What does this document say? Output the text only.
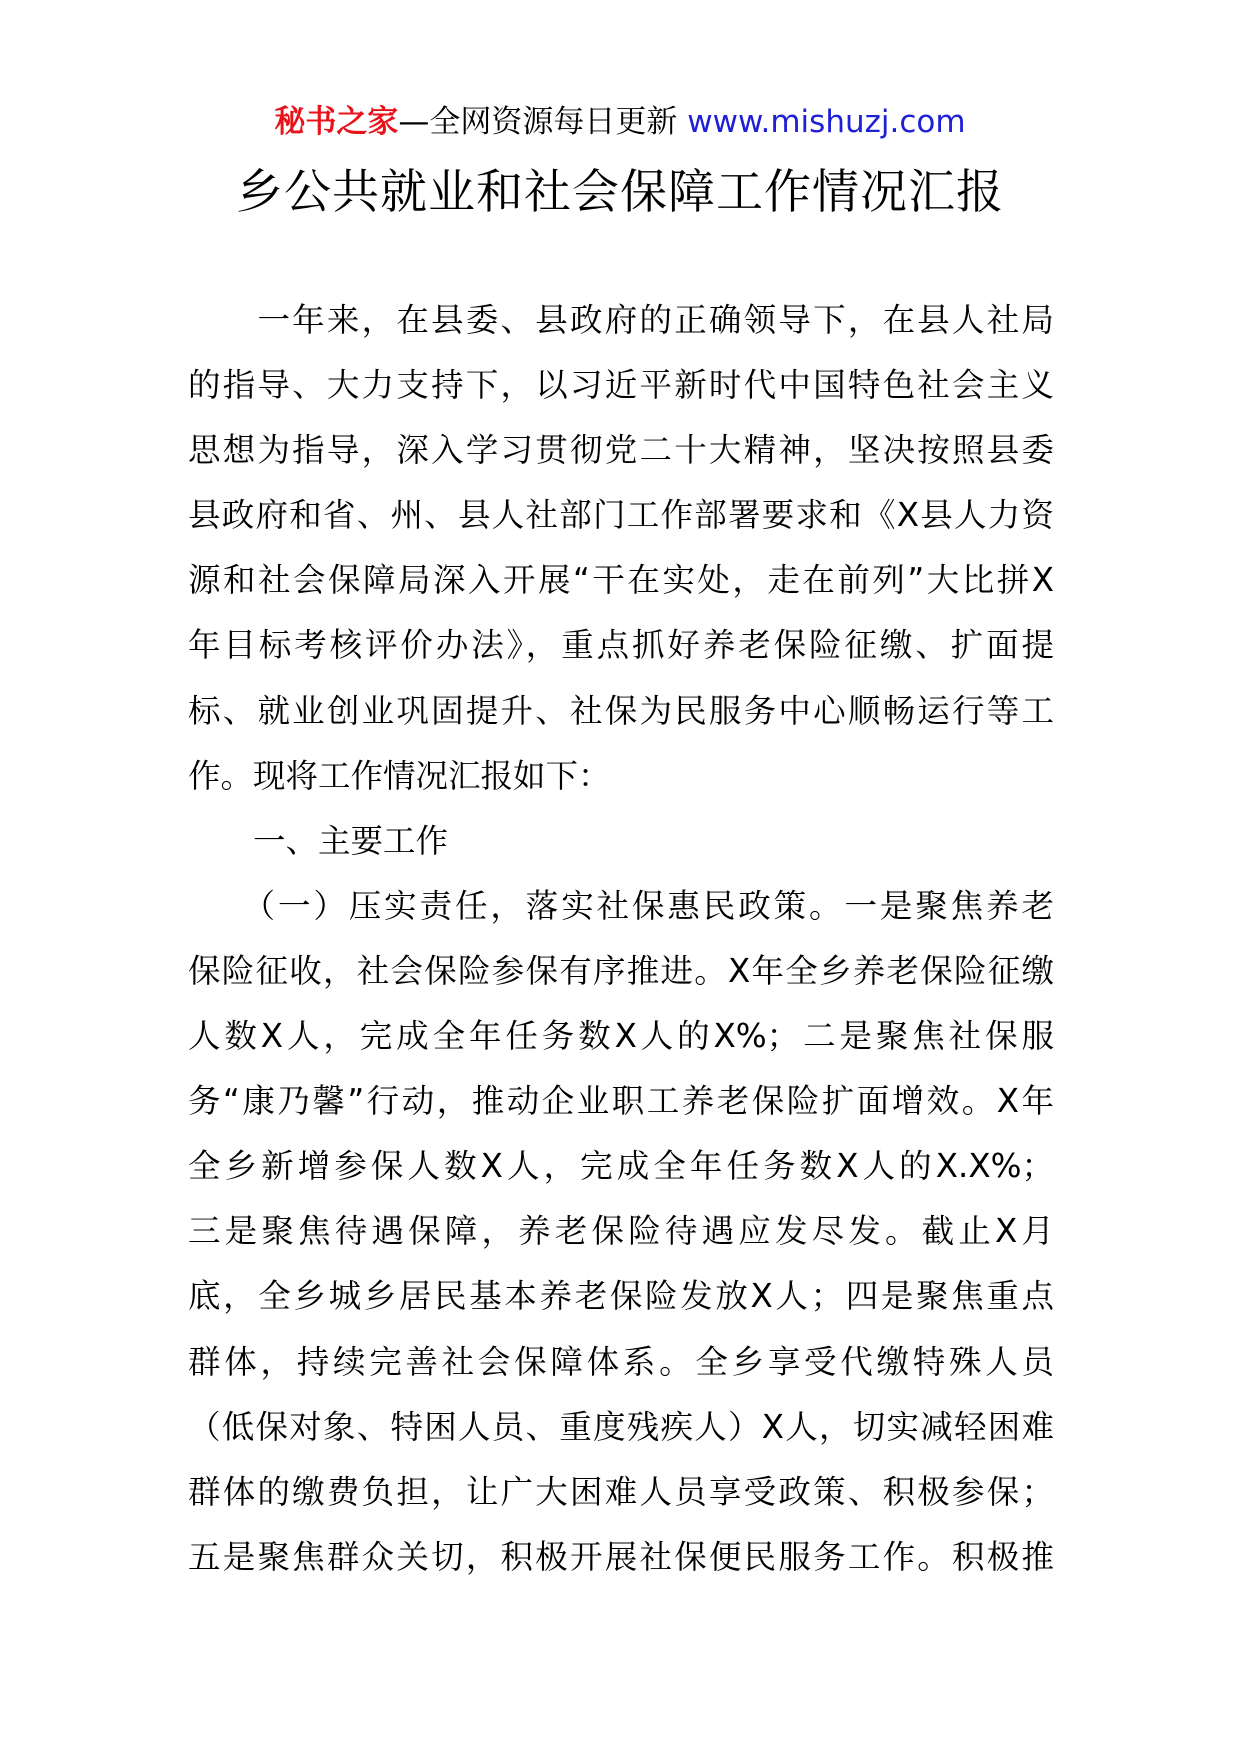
秘书之家—全网资源每日更新 www.mishuzj.com
乡公共就业和社会保障工作情况汇报
　　一年来，在县委、县政府的正确领导下，在县人社局
的指导、大力支持下，以习近平新时代中国特色社会主义
思想为指导，深入学习贯彻党二十大精神，坚决按照县委
县政府和省、州、县人社部门工作部署要求和《X县人力资
源和社会保障局深入开展“干在实处，走在前列”大比拼X
年目标考核评价办法》，重点抓好养老保险征缴、扩面提
标、就业创业巩固提升、社保为民服务中心顺畅运行等工
作。现将工作情况汇报如下：
　　一、主要工作
　　（一）压实责任，落实社保惠民政策。一是聚焦养老
保险征收，社会保险参保有序推进。X年全乡养老保险征缴
人数X人，完成全年任务数X人的X%；二是聚焦社保服
务“康乃馨”行动，推动企业职工养老保险扩面增效。X年
全乡新增参保人数X人，完成全年任务数X人的X.X%；
三是聚焦待遇保障，养老保险待遇应发尽发。截止X月
底，全乡城乡居民基本养老保险发放X人；四是聚焦重点
群体，持续完善社会保障体系。全乡享受代缴特殊人员
（低保对象、特困人员、重度残疾人）X人，切实减轻困难
群体的缴费负担，让广大困难人员享受政策、积极参保；
五是聚焦群众关切，积极开展社保便民服务工作。积极推
